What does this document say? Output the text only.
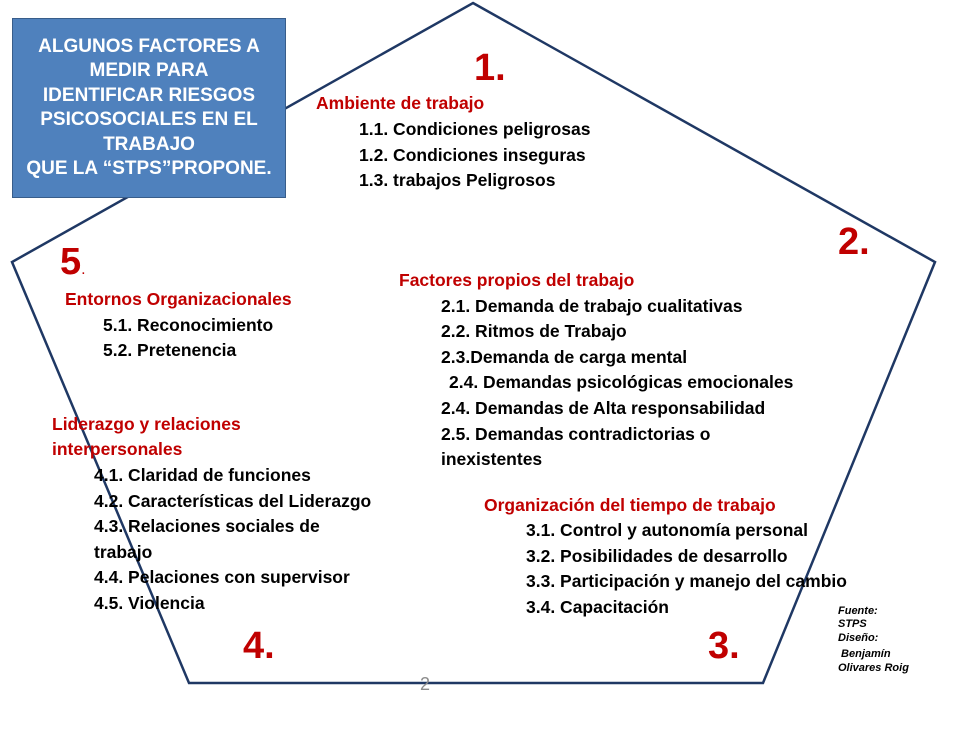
ALGUNOS FACTORES A
MEDIR PARA
IDENTIFICAR RIESGOS
PSICOSOCIALES EN EL
TRABAJO
QUE LA “STPS”PROPONE.
1.
Ambiente de trabajo
1.1. Condiciones peligrosas
1.2. Condiciones inseguras
1.3. trabajos Peligrosos
2.
Factores propios del trabajo
2.1. Demanda de trabajo cualitativas
2.2. Ritmos de Trabajo
2.3.Demanda de carga mental
2.4. Demandas psicológicas emocionales
2.4. Demandas de Alta responsabilidad
2.5. Demandas contradictorias o
inexistentes
Organización del tiempo de trabajo
3.1. Control y autonomía personal
3.2. Posibilidades de desarrollo
3.3. Participación y manejo del cambio
3.4. Capacitación
3.
Liderazgo y relaciones
interpersonales
4.1. Claridad de funciones
4.2. Características del Liderazgo
4.3. Relaciones sociales de
trabajo
4.4. Pelaciones con supervisor
4.5. Violencia
4.
5.
Entornos Organizacionales
5.1. Reconocimiento
5.2. Pretenencia
Fuente:
STPS
Diseño:
Benjamín
Olivares Roig
2
